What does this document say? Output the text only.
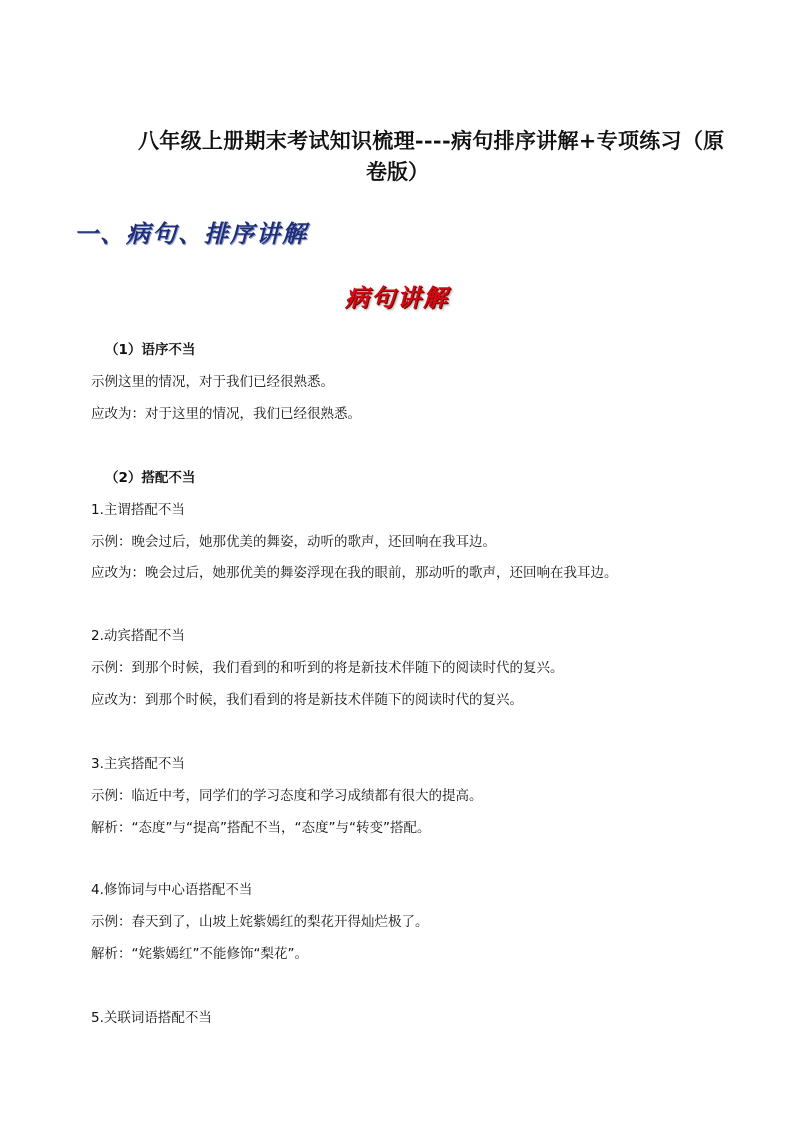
八年级上册期末考试知识梳理----病句排序讲解+专项练习（原
卷版）
一、病句、排序讲解
病句讲解
（1）语序不当
示例这里的情况，对于我们已经很熟悉。
应改为：对于这里的情况，我们已经很熟悉。
（2）搭配不当
1.主谓搭配不当
示例：晚会过后，她那优美的舞姿，动听的歌声，还回响在我耳边。
应改为：晚会过后，她那优美的舞姿浮现在我的眼前，那动听的歌声，还回响在我耳边。
2.动宾搭配不当
示例：到那个时候，我们看到的和听到的将是新技术伴随下的阅读时代的复兴。
应改为：到那个时候，我们看到的将是新技术伴随下的阅读时代的复兴。
3.主宾搭配不当
示例：临近中考，同学们的学习态度和学习成绩都有很大的提高。
解析：“态度”与“提高”搭配不当，“态度”与“转变”搭配。
4.修饰词与中心语搭配不当
示例：春天到了，山坡上姹紫嫣红的梨花开得灿烂极了。
解析：“姹紫嫣红”不能修饰“梨花”。
5.关联词语搭配不当
